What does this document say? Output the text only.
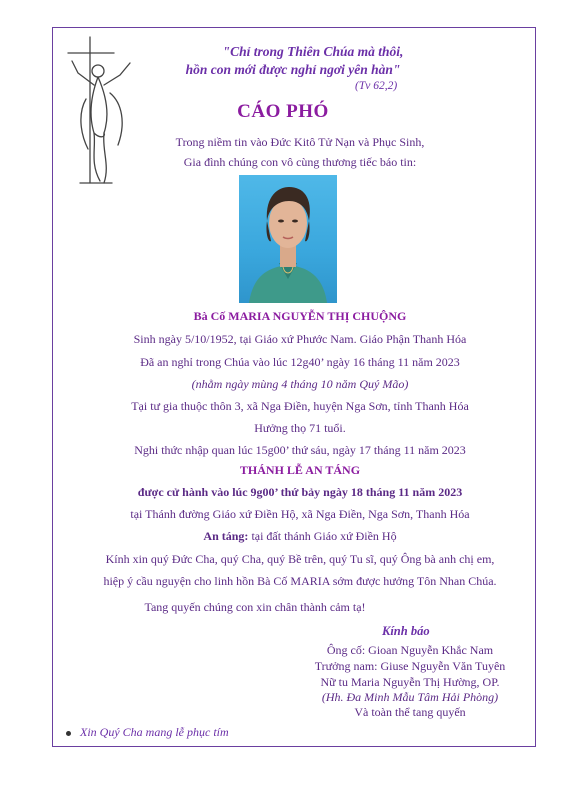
"Chỉ trong Thiên Chúa mà thôi,
hồn con mới được nghỉ ngơi yên hàn"
(Tv 62,2)
CÁO PHÓ
Trong niềm tin vào Đức Kitô Tử Nạn và Phục Sinh,
Gia đình chúng con vô cùng thương tiếc báo tin:
Bà Cố MARIA NGUYỄN THỊ CHUỘNG
Sinh ngày 5/10/1952, tại Giáo xứ Phước Nam. Giáo Phận Thanh Hóa
Đã an nghỉ trong Chúa vào lúc 12g40’ ngày 16 tháng 11 năm 2023
(nhằm ngày mùng 4 tháng 10 năm Quý Mão)
Tại tư gia thuộc thôn 3, xã Nga Điền, huyện Nga Sơn, tỉnh Thanh Hóa
Hưởng thọ 71 tuổi.
Nghi thức nhập quan lúc 15g00’ thứ sáu, ngày 17 tháng 11 năm 2023
THÁNH LỄ AN TÁNG
được cử hành vào lúc 9g00’ thứ bảy ngày 18 tháng 11 năm 2023
tại Thánh đường Giáo xứ Điền Hộ, xã Nga Điền, Nga Sơn, Thanh Hóa
An táng: tại đất thánh Giáo xứ Điền Hộ
Kính xin quý Đức Cha, quý Cha, quý Bề trên, quý Tu sĩ, quý Ông bà anh chị em,
hiệp ý cầu nguyện cho linh hồn Bà Cố MARIA sớm được hưởng Tôn Nhan Chúa.
Tang quyến chúng con xin chân thành cảm tạ!
Kính báo
Ông cố: Gioan Nguyễn Khắc Nam
Trưởng nam: Giuse Nguyễn Văn Tuyên
Nữ tu Maria Nguyễn Thị Hường, OP.
(Hh. Đa Minh Mẫu Tâm Hải Phòng)
Và toàn thể tang quyến
Xin Quý Cha mang lễ phục tím
